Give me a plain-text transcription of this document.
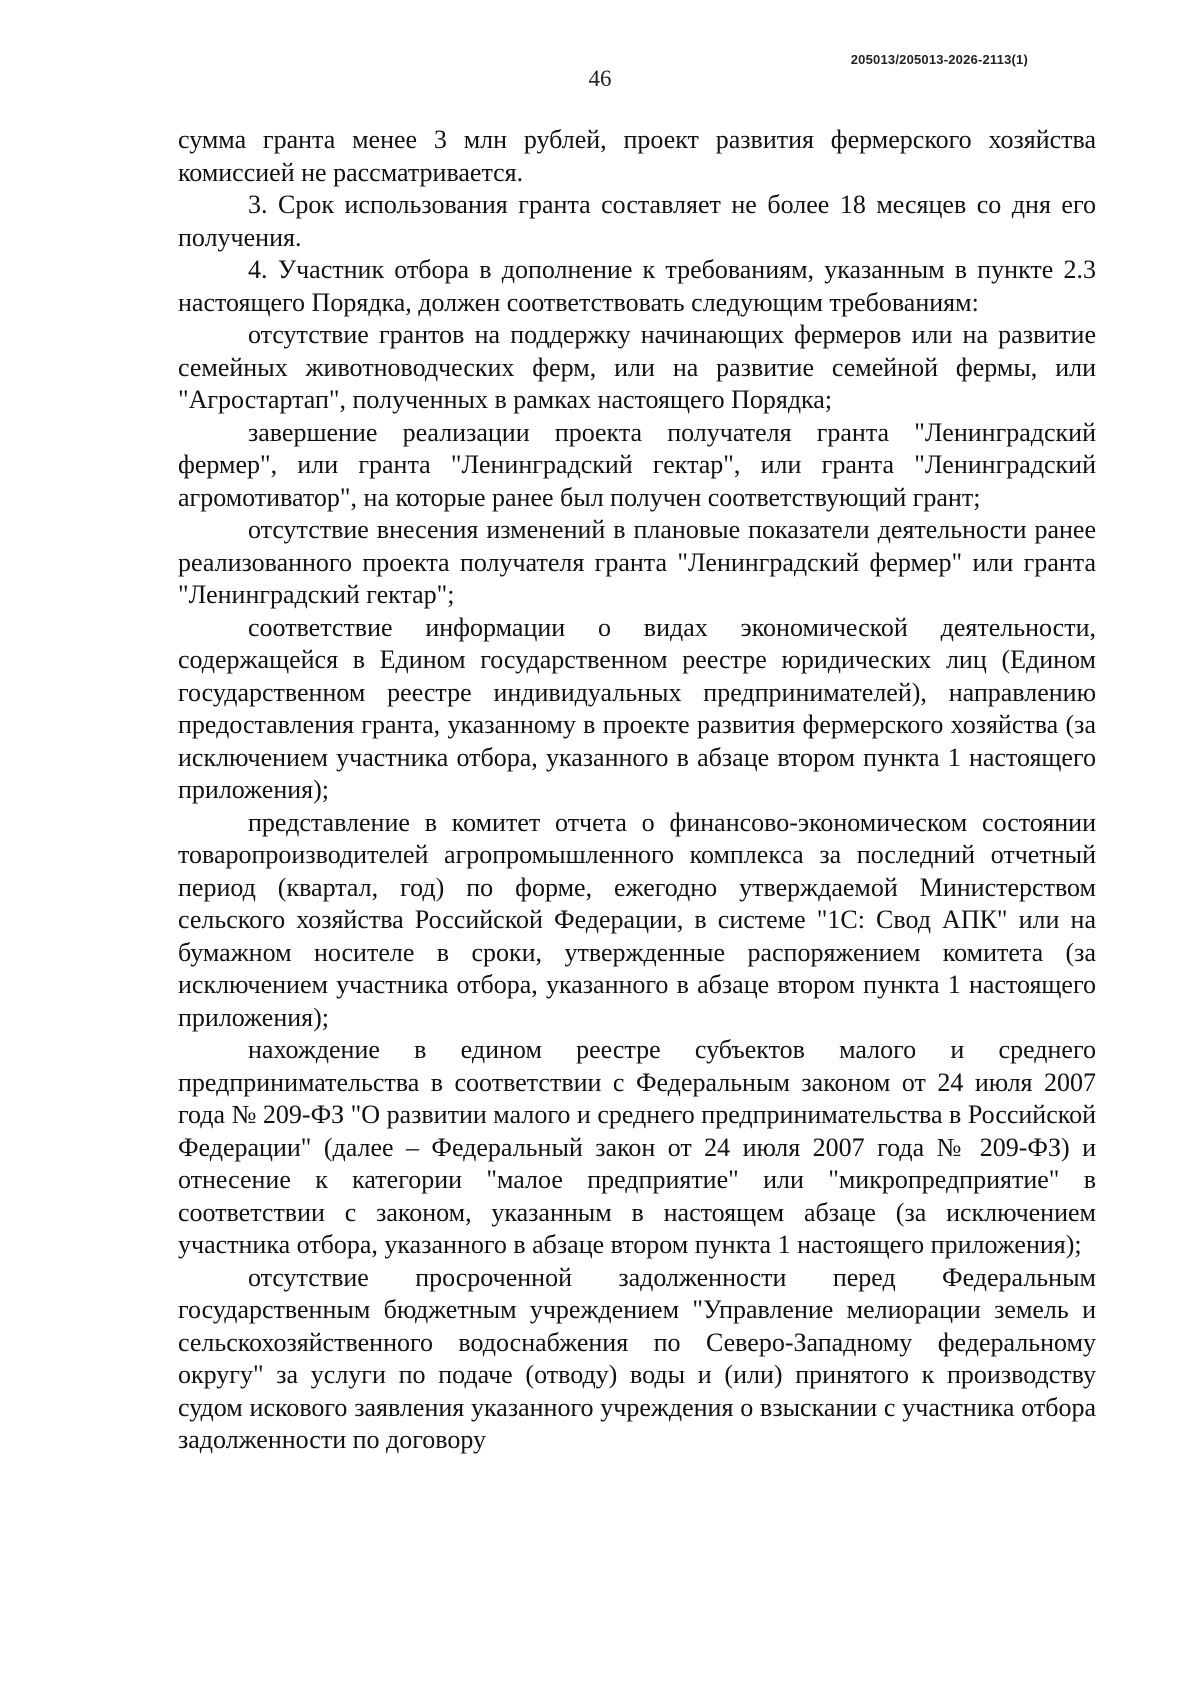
205013/205013-2026-2113(1)
46

сумма гранта менее 3 млн рублей, проект развития фермерского хозяйства комиссией не рассматривается.

3. Срок использования гранта составляет не более 18 месяцев со дня его получения.

4. Участник отбора в дополнение к требованиям, указанным в пункте 2.3 настоящего Порядка, должен соответствовать следующим требованиям:

отсутствие грантов на поддержку начинающих фермеров или на развитие семейных животноводческих ферм, или на развитие семейной фермы, или "Агростартап", полученных в рамках настоящего Порядка;

завершение реализации проекта получателя гранта "Ленинградский фермер", или гранта "Ленинградский гектар", или гранта "Ленинградский агромотиватор", на которые ранее был получен соответствующий грант;

отсутствие внесения изменений в плановые показатели деятельности ранее реализованного проекта получателя гранта "Ленинградский фермер" или гранта "Ленинградский гектар";

соответствие информации о видах экономической деятельности, содержащейся в Едином государственном реестре юридических лиц (Едином государственном реестре индивидуальных предпринимателей), направлению предоставления гранта, указанному в проекте развития фермерского хозяйства (за исключением участника отбора, указанного в абзаце втором пункта 1 настоящего приложения);

представление в комитет отчета о финансово-экономическом состоянии товаропроизводителей агропромышленного комплекса за последний отчетный период (квартал, год) по форме, ежегодно утверждаемой Министерством сельского хозяйства Российской Федерации, в системе "1С: Свод АПК" или на бумажном носителе в сроки, утвержденные распоряжением комитета (за исключением участника отбора, указанного в абзаце втором пункта 1 настоящего приложения);

нахождение в едином реестре субъектов малого и среднего предпринимательства в соответствии с Федеральным законом от 24 июля 2007 года № 209-ФЗ "О развитии малого и среднего предпринимательства в Российской Федерации" (далее – Федеральный закон от 24 июля 2007 года № 209-ФЗ) и отнесение к категории "малое предприятие" или "микропредприятие" в соответствии с законом, указанным в настоящем абзаце (за исключением участника отбора, указанного в абзаце втором пункта 1 настоящего приложения);

отсутствие просроченной задолженности перед Федеральным государственным бюджетным учреждением "Управление мелиорации земель и сельскохозяйственного водоснабжения по Северо-Западному федеральному округу" за услуги по подаче (отводу) воды и (или) принятого к производству судом искового заявления указанного учреждения о взыскании с участника отбора задолженности по договору
